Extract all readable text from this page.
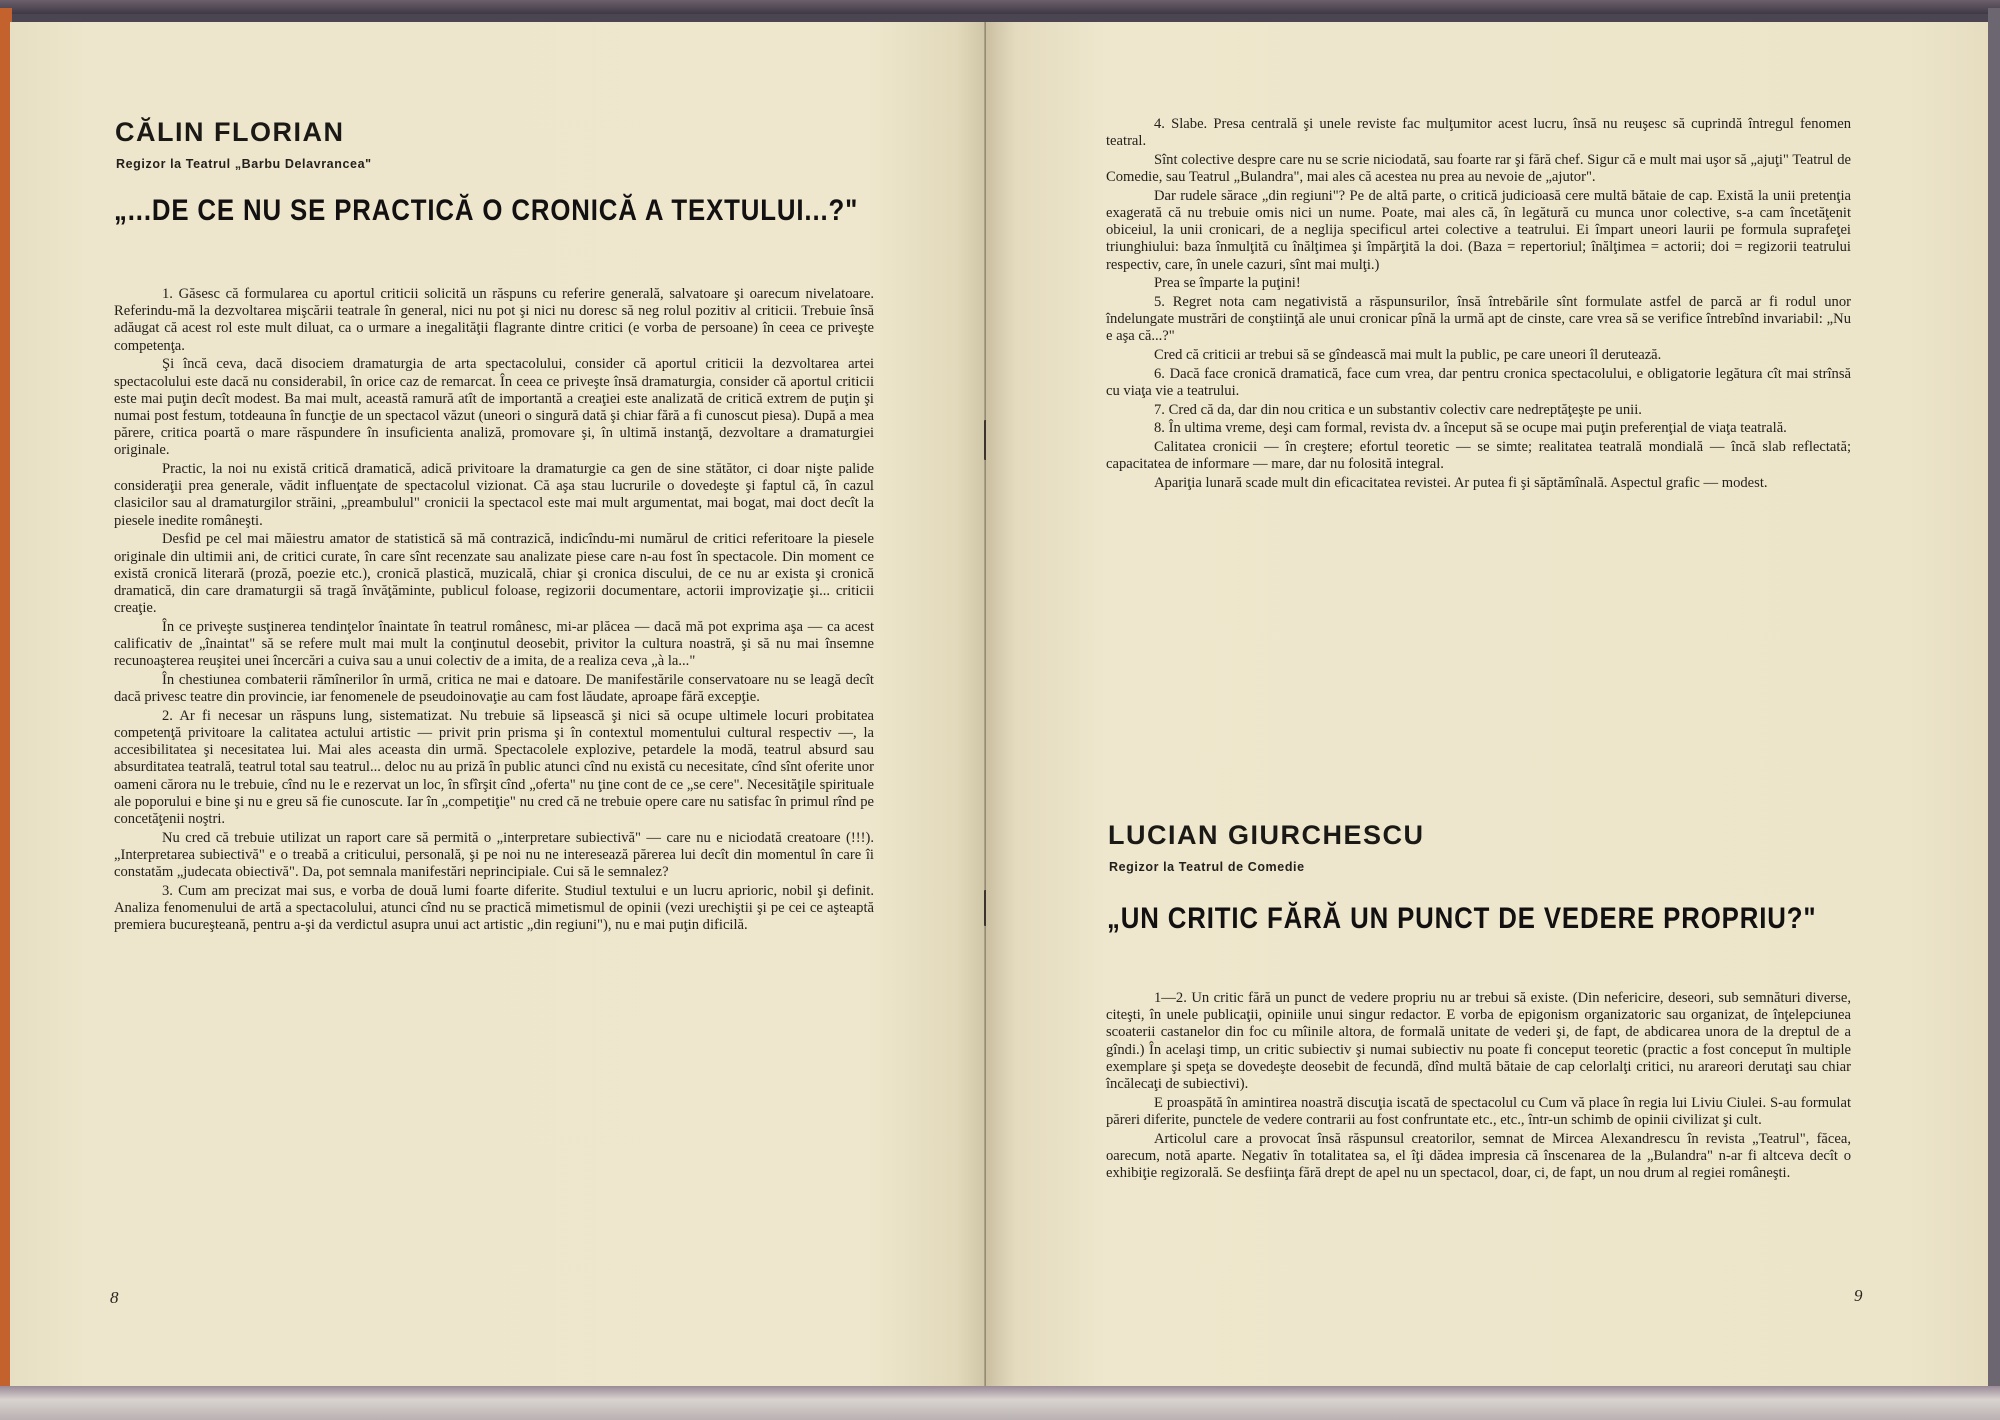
CĂLIN FLORIAN

Regizor la Teatrul „Barbu Delavrancea"

„...DE CE NU SE PRACTICĂ O CRONICĂ A TEXTULUI...?"

1. Găsesc că formularea cu aportul criticii solicită un răspuns cu referire generală, salvatoare şi oarecum nivelatoare. Referindu-mă la dezvoltarea mişcării teatrale în general, nici nu pot şi nici nu doresc să neg rolul pozitiv al criticii. Trebuie însă adăugat că acest rol este mult diluat, ca o urmare a inegalităţii flagrante dintre critici (e vorba de persoane) în ceea ce priveşte competenţa.

Şi încă ceva, dacă disociem dramaturgia de arta spectacolului, consider că aportul criticii la dezvoltarea artei spectacolului este dacă nu considerabil, în orice caz de remarcat. În ceea ce priveşte însă dramaturgia, consider că aportul criticii este mai puţin decît modest. Ba mai mult, această ramură atît de importantă a creaţiei este analizată de critică extrem de puţin şi numai post festum, totdeauna în funcţie de un spectacol văzut (uneori o singură dată şi chiar fără a fi cunoscut piesa). După a mea părere, critica poartă o mare răspundere în insuficienta analiză, promovare şi, în ultimă instanţă, dezvoltare a dramaturgiei originale.

Practic, la noi nu există critică dramatică, adică privitoare la dramaturgie ca gen de sine stătător, ci doar nişte palide consideraţii prea generale, vădit influenţate de spectacolul vizionat. Că aşa stau lucrurile o dovedeşte şi faptul că, în cazul clasicilor sau al dramaturgilor străini, „preambulul" cronicii la spectacol este mai mult argumentat, mai bogat, mai doct decît la piesele inedite româneşti.

Desfid pe cel mai măiestru amator de statistică să mă contrazică, indicîndu-mi numărul de critici referitoare la piesele originale din ultimii ani, de critici curate, în care sînt recenzate sau analizate piese care n-au fost în spectacole. Din moment ce există cronică literară (proză, poezie etc.), cronică plastică, muzicală, chiar şi cronica discului, de ce nu ar exista şi cronică dramatică, din care dramaturgii să tragă învăţăminte, publicul foloase, regizorii documentare, actorii improvizaţie şi... criticii creaţie.

În ce priveşte susţinerea tendinţelor înaintate în teatrul românesc, mi-ar plăcea — dacă mă pot exprima aşa — ca acest calificativ de „înaintat" să se refere mult mai mult la conţinutul deosebit, privitor la cultura noastră, şi să nu mai însemne recunoaşterea reuşitei unei încercări a cuiva sau a unui colectiv de a imita, de a realiza ceva „à la..."

În chestiunea combaterii rămînerilor în urmă, critica ne mai e datoare. De manifestările conservatoare nu se leagă decît dacă privesc teatre din provincie, iar fenomenele de pseudoinovaţie au cam fost lăudate, aproape fără excepţie.

2. Ar fi necesar un răspuns lung, sistematizat. Nu trebuie să lipsească şi nici să ocupe ultimele locuri probitatea competenţă privitoare la calitatea actului artistic — privit prin prisma şi în contextul momentului cultural respectiv —, la accesibilitatea şi necesitatea lui. Mai ales aceasta din urmă. Spectacolele explozive, petardele la modă, teatrul absurd sau absurditatea teatrală, teatrul total sau teatrul... deloc nu au priză în public atunci cînd nu există cu necesitate, cînd sînt oferite unor oameni cărora nu le trebuie, cînd nu le e rezervat un loc, în sfîrşit cînd „oferta" nu ţine cont de ce „se cere". Necesităţile spirituale ale poporului e bine şi nu e greu să fie cunoscute. Iar în „competiţie" nu cred că ne trebuie opere care nu satisfac în primul rînd pe concetăţenii noştri.

Nu cred că trebuie utilizat un raport care să permită o „interpretare subiectivă" — care nu e niciodată creatoare (!!!). „Interpretarea subiectivă" e o treabă a criticului, personală, şi pe noi nu ne interesează părerea lui decît din momentul în care îi constatăm „judecata obiectivă". Da, pot semnala manifestări neprincipiale. Cui să le semnalez?

3. Cum am precizat mai sus, e vorba de două lumi foarte diferite. Studiul textului e un lucru aprioric, nobil şi definit. Analiza fenomenului de artă a spectacolului, atunci cînd nu se practică mimetismul de opinii (vezi urechiştii şi pe cei ce aşteaptă premiera bucureşteană, pentru a-şi da verdictul asupra unui act artistic „din regiuni"), nu e mai puţin dificilă.

8

4. Slabe. Presa centrală şi unele reviste fac mulţumitor acest lucru, însă nu reuşesc să cuprindă întregul fenomen teatral.

Sînt colective despre care nu se scrie niciodată, sau foarte rar şi fără chef. Sigur că e mult mai uşor să „ajuţi" Teatrul de Comedie, sau Teatrul „Bulandra", mai ales că acestea nu prea au nevoie de „ajutor".

Dar rudele sărace „din regiuni"? Pe de altă parte, o critică judicioasă cere multă bătaie de cap. Există la unii pretenţia exagerată că nu trebuie omis nici un nume. Poate, mai ales că, în legătură cu munca unor colective, s-a cam încetăţenit obiceiul, la unii cronicari, de a neglija specificul artei colective a teatrului. Ei împart uneori laurii pe formula suprafeţei triunghiului: baza înmulţită cu înălţimea şi împărţită la doi. (Baza = repertoriul; înălţimea = actorii; doi = regizorii teatrului respectiv, care, în unele cazuri, sînt mai mulţi.)

Prea se împarte la puţini!

5. Regret nota cam negativistă a răspunsurilor, însă întrebările sînt formulate astfel de parcă ar fi rodul unor îndelungate mustrări de conştiinţă ale unui cronicar pînă la urmă apt de cinste, care vrea să se verifice întrebînd invariabil: „Nu e aşa că...?"

Cred că criticii ar trebui să se gîndească mai mult la public, pe care uneori îl derutează.

6. Dacă face cronică dramatică, face cum vrea, dar pentru cronica spectacolului, e obligatorie legătura cît mai strînsă cu viaţa vie a teatrului.

7. Cred că da, dar din nou critica e un substantiv colectiv care nedreptăţeşte pe unii.

8. În ultima vreme, deşi cam formal, revista dv. a început să se ocupe mai puţin preferenţial de viaţa teatrală.

Calitatea cronicii — în creştere; efortul teoretic — se simte; realitatea teatrală mondială — încă slab reflectată; capacitatea de informare — mare, dar nu folosită integral.

Apariţia lunară scade mult din eficacitatea revistei. Ar putea fi şi săptămînală. Aspectul grafic — modest.

LUCIAN GIURCHESCU

Regizor la Teatrul de Comedie

„UN CRITIC FĂRĂ UN PUNCT DE VEDERE PROPRIU?"

1—2. Un critic fără un punct de vedere propriu nu ar trebui să existe. (Din nefericire, deseori, sub semnături diverse, citeşti, în unele publicaţii, opiniile unui singur redactor. E vorba de epigonism organizatoric sau organizat, de înţelepciunea scoaterii castanelor din foc cu mîinile altora, de formală unitate de vederi şi, de fapt, de abdicarea unora de la dreptul de a gîndi.) În acelaşi timp, un critic subiectiv şi numai subiectiv nu poate fi conceput teoretic (practic a fost conceput în multiple exemplare şi speţa se dovedeşte deosebit de fecundă, dînd multă bătaie de cap celorlalţi critici, nu arareori derutaţi sau chiar încălecaţi de subiectivi).

E proaspătă în amintirea noastră discuţia iscată de spectacolul cu Cum vă place în regia lui Liviu Ciulei. S-au formulat păreri diferite, punctele de vedere contrarii au fost confruntate etc., etc., într-un schimb de opinii civilizat şi cult.

Articolul care a provocat însă răspunsul creatorilor, semnat de Mircea Alexandrescu în revista „Teatrul", făcea, oarecum, notă aparte. Negativ în totalitatea sa, el îţi dădea impresia că înscenarea de la „Bulandra" n-ar fi altceva decît o exhibiţie regizorală. Se desfiinţa fără drept de apel nu un spectacol, doar, ci, de fapt, un nou drum al regiei româneşti.

9
